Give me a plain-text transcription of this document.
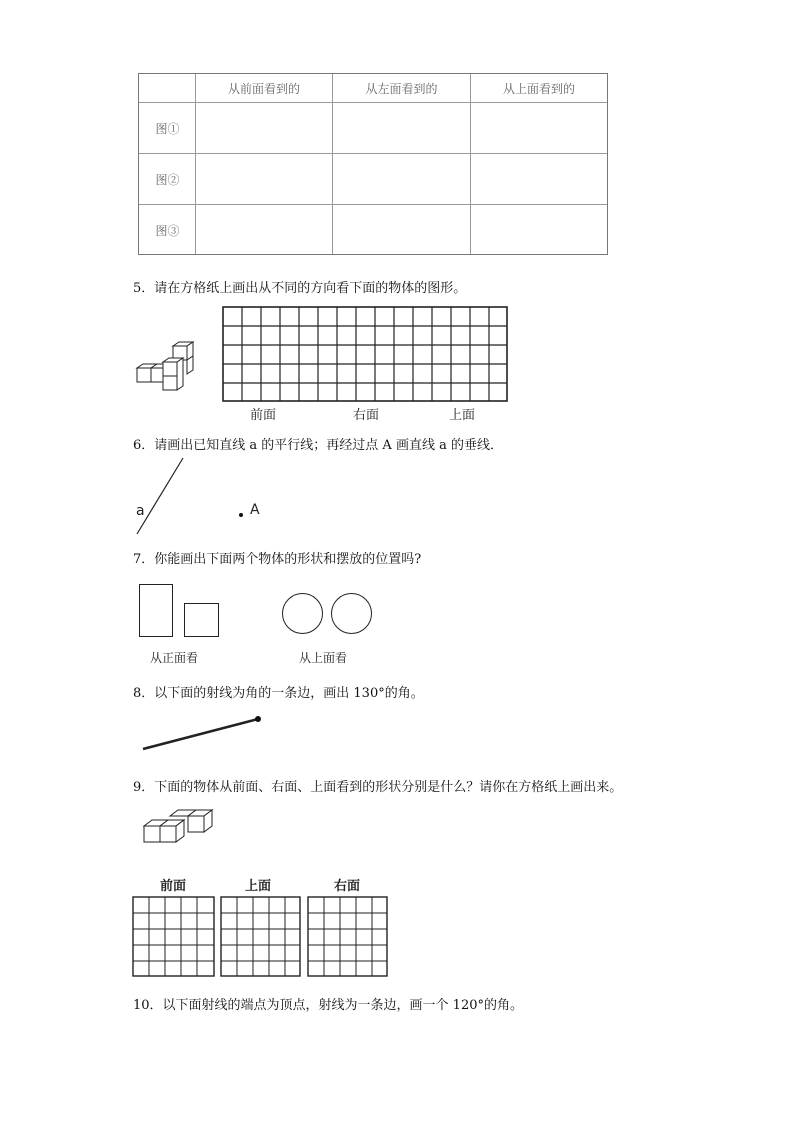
从前面看到的	从左面看到的	从上面看到的
图①
图②
图③
5．请在方格纸上画出从不同的方向看下面的物体的图形。
前面	右面	上面
6．请画出已知直线 a 的平行线；再经过点 A 画直线 a 的垂线．
a	A
7．你能画出下面两个物体的形状和摆放的位置吗?
从正面看	从上面看
8．以下面的射线为角的一条边，画出 130°的角。
9．下面的物体从前面、右面、上面看到的形状分别是什么？请你在方格纸上画出来。
前面	上面	右面
10．以下面射线的端点为顶点，射线为一条边，画一个 120°的角。
